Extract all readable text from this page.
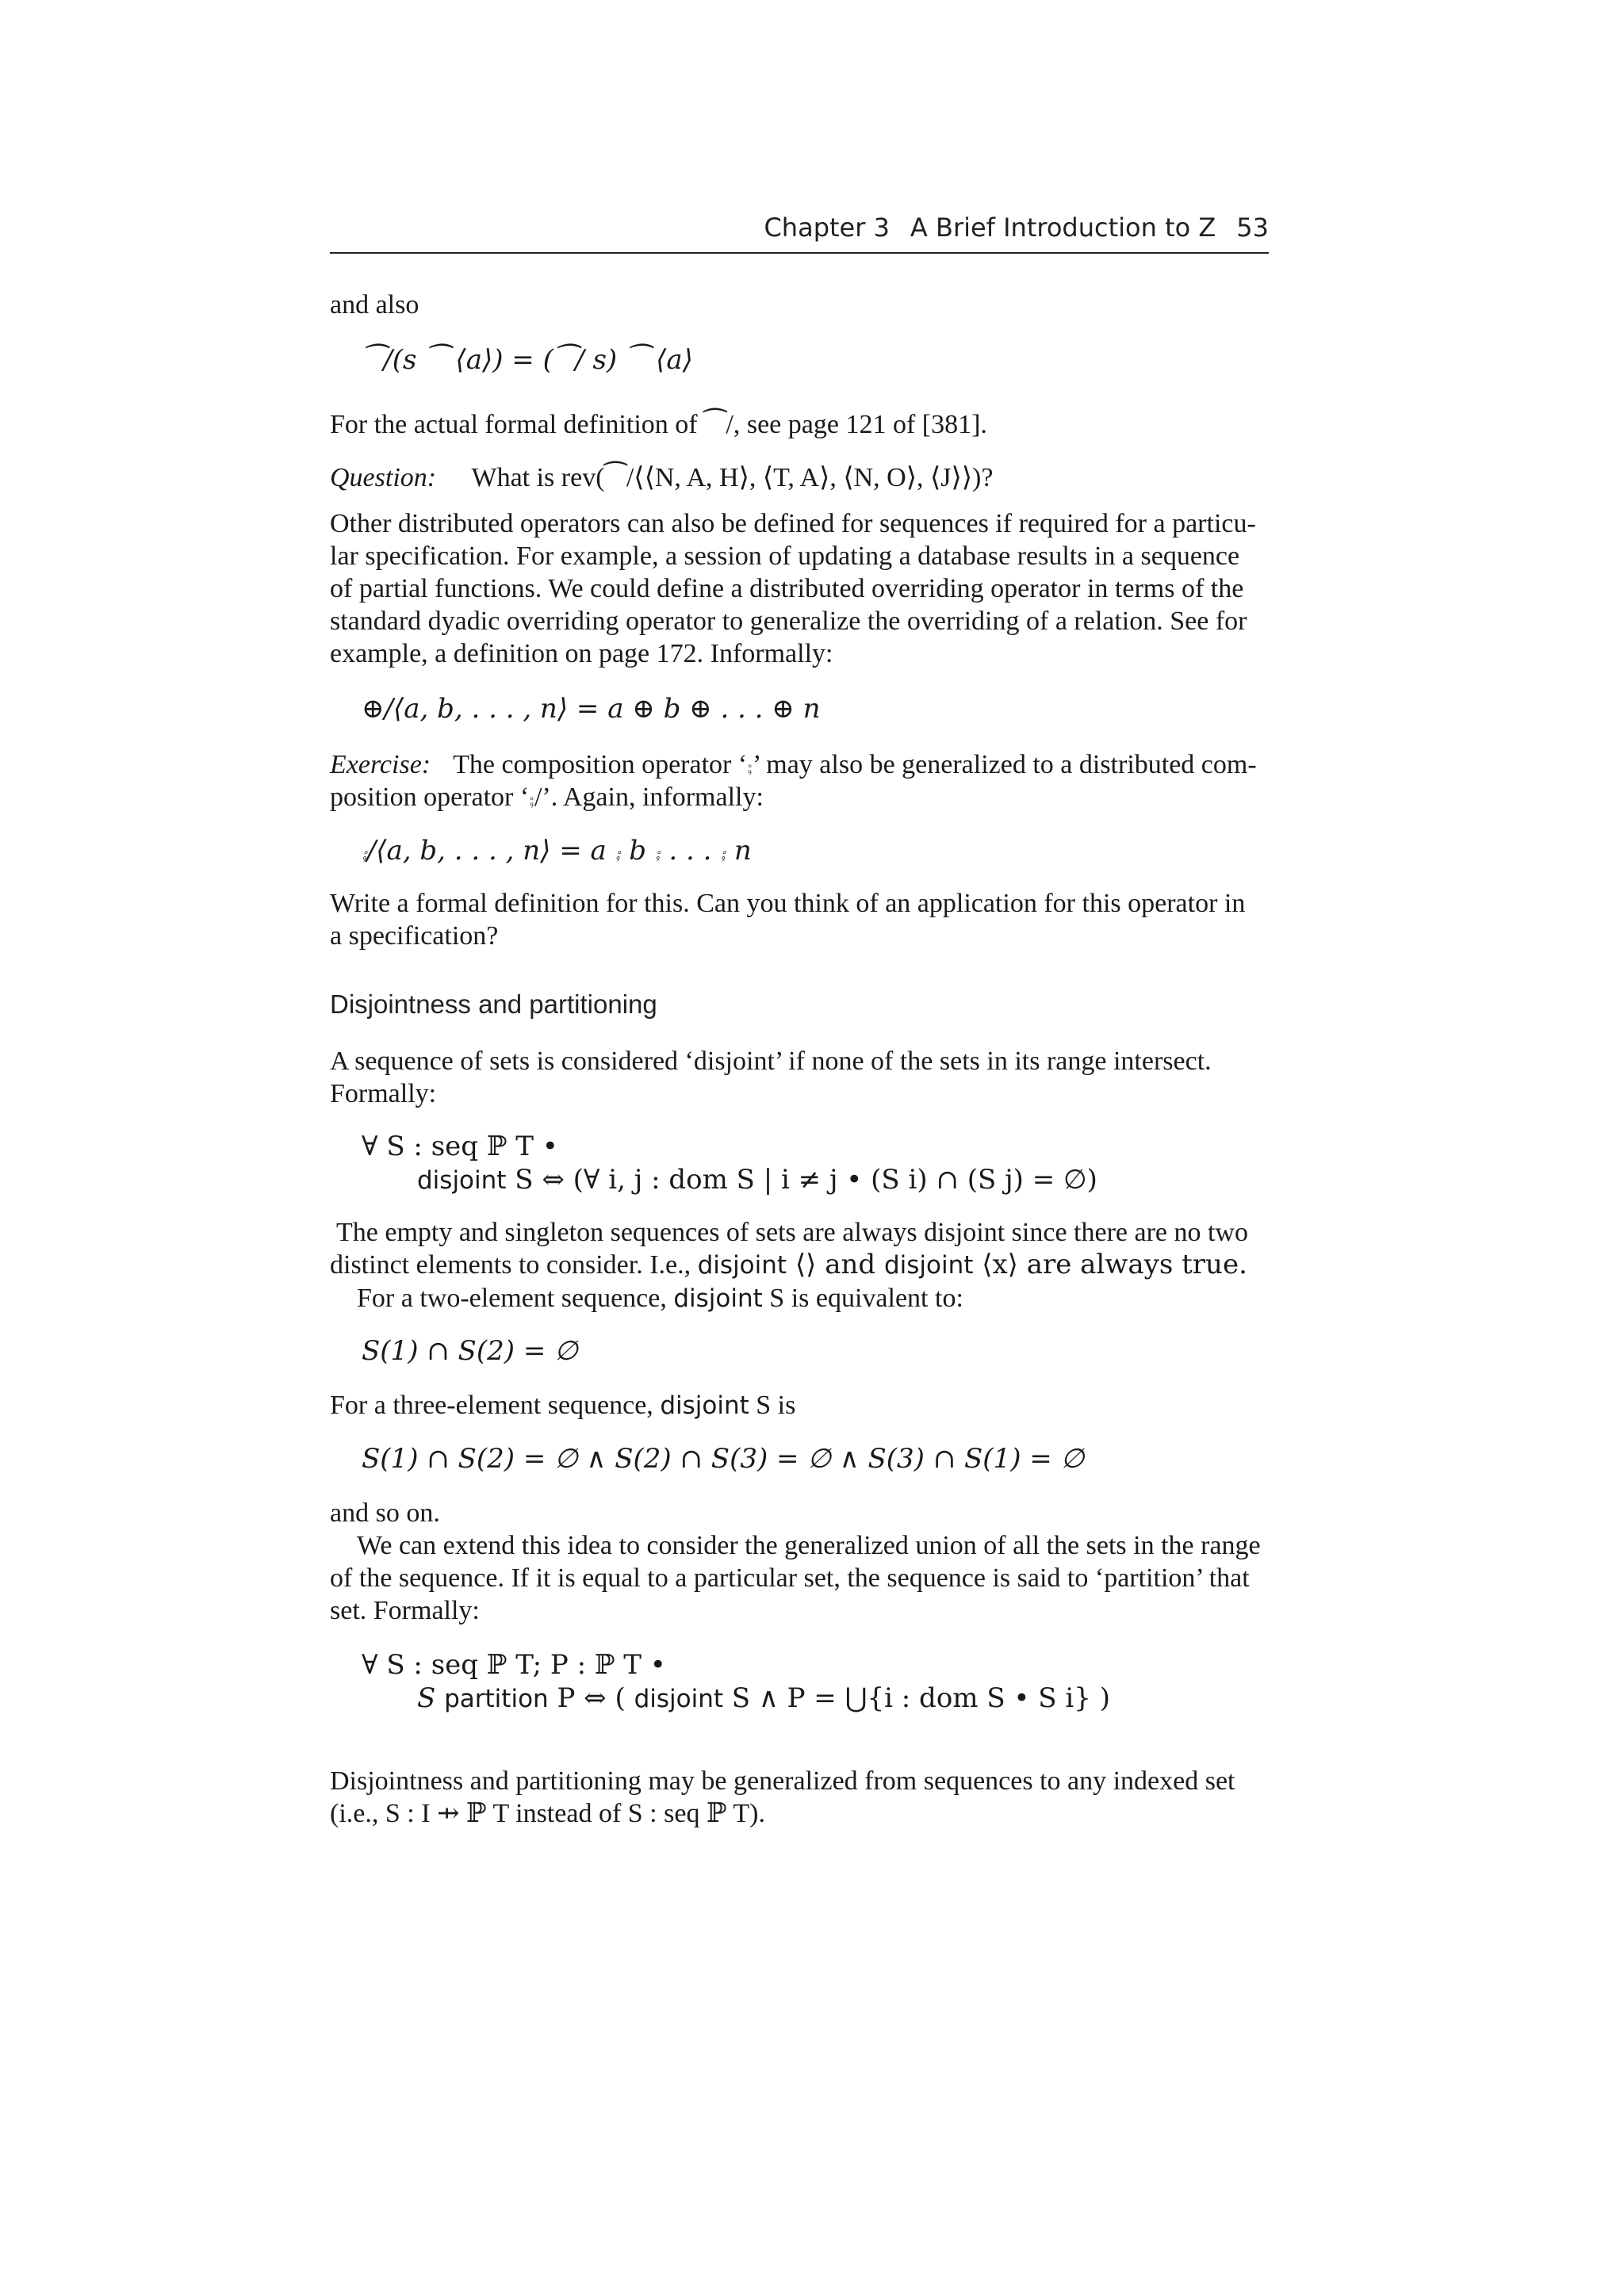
Chapter 3 A Brief Introduction to Z 53
and also
⁀/(s ⁀ ⟨a⟩) = (⁀/ s) ⁀ ⟨a⟩
For the actual formal definition of ⁀/, see page 121 of [381].
Question: What is rev(⁀/⟨⟨N, A, H⟩, ⟨T, A⟩, ⟨N, O⟩, ⟨J⟩⟩)?
Other distributed operators can also be defined for sequences if required for a particu-
lar specification. For example, a session of updating a database results in a sequence
of partial functions. We could define a distributed overriding operator in terms of the
standard dyadic overriding operator to generalize the overriding of a relation. See for
example, a definition on page 172. Informally:
⊕/⟨a, b, . . . , n⟩ = a ⊕ b ⊕ . . . ⊕ n
Exercise: The composition operator ‘⨾’ may also be generalized to a distributed com-
position operator ‘⨾/’. Again, informally:
⨾/⟨a, b, . . . , n⟩ = a ⨾ b ⨾ . . . ⨾ n
Write a formal definition for this. Can you think of an application for this operator in
a specification?
Disjointness and partitioning
A sequence of sets is considered ‘disjoint’ if none of the sets in its range intersect.
Formally:
∀ S : seq ℙ T •
disjoint S ⇔ (∀ i, j : dom S | i ≠ j • (S i) ∩ (S j) = ∅)
The empty and singleton sequences of sets are always disjoint since there are no two
distinct elements to consider. I.e., disjoint ⟨⟩ and disjoint ⟨x⟩ are always true.
For a two-element sequence, disjoint S is equivalent to:
S(1) ∩ S(2) = ∅
For a three-element sequence, disjoint S is
S(1) ∩ S(2) = ∅ ∧ S(2) ∩ S(3) = ∅ ∧ S(3) ∩ S(1) = ∅
and so on.
We can extend this idea to consider the generalized union of all the sets in the range
of the sequence. If it is equal to a particular set, the sequence is said to ‘partition’ that
set. Formally:
∀ S : seq ℙ T; P : ℙ T •
S partition P ⇔ ( disjoint S ∧ P = ⋃{i : dom S • S i} )
Disjointness and partitioning may be generalized from sequences to any indexed set
(i.e., S : I ⇸ ℙ T instead of S : seq ℙ T).
